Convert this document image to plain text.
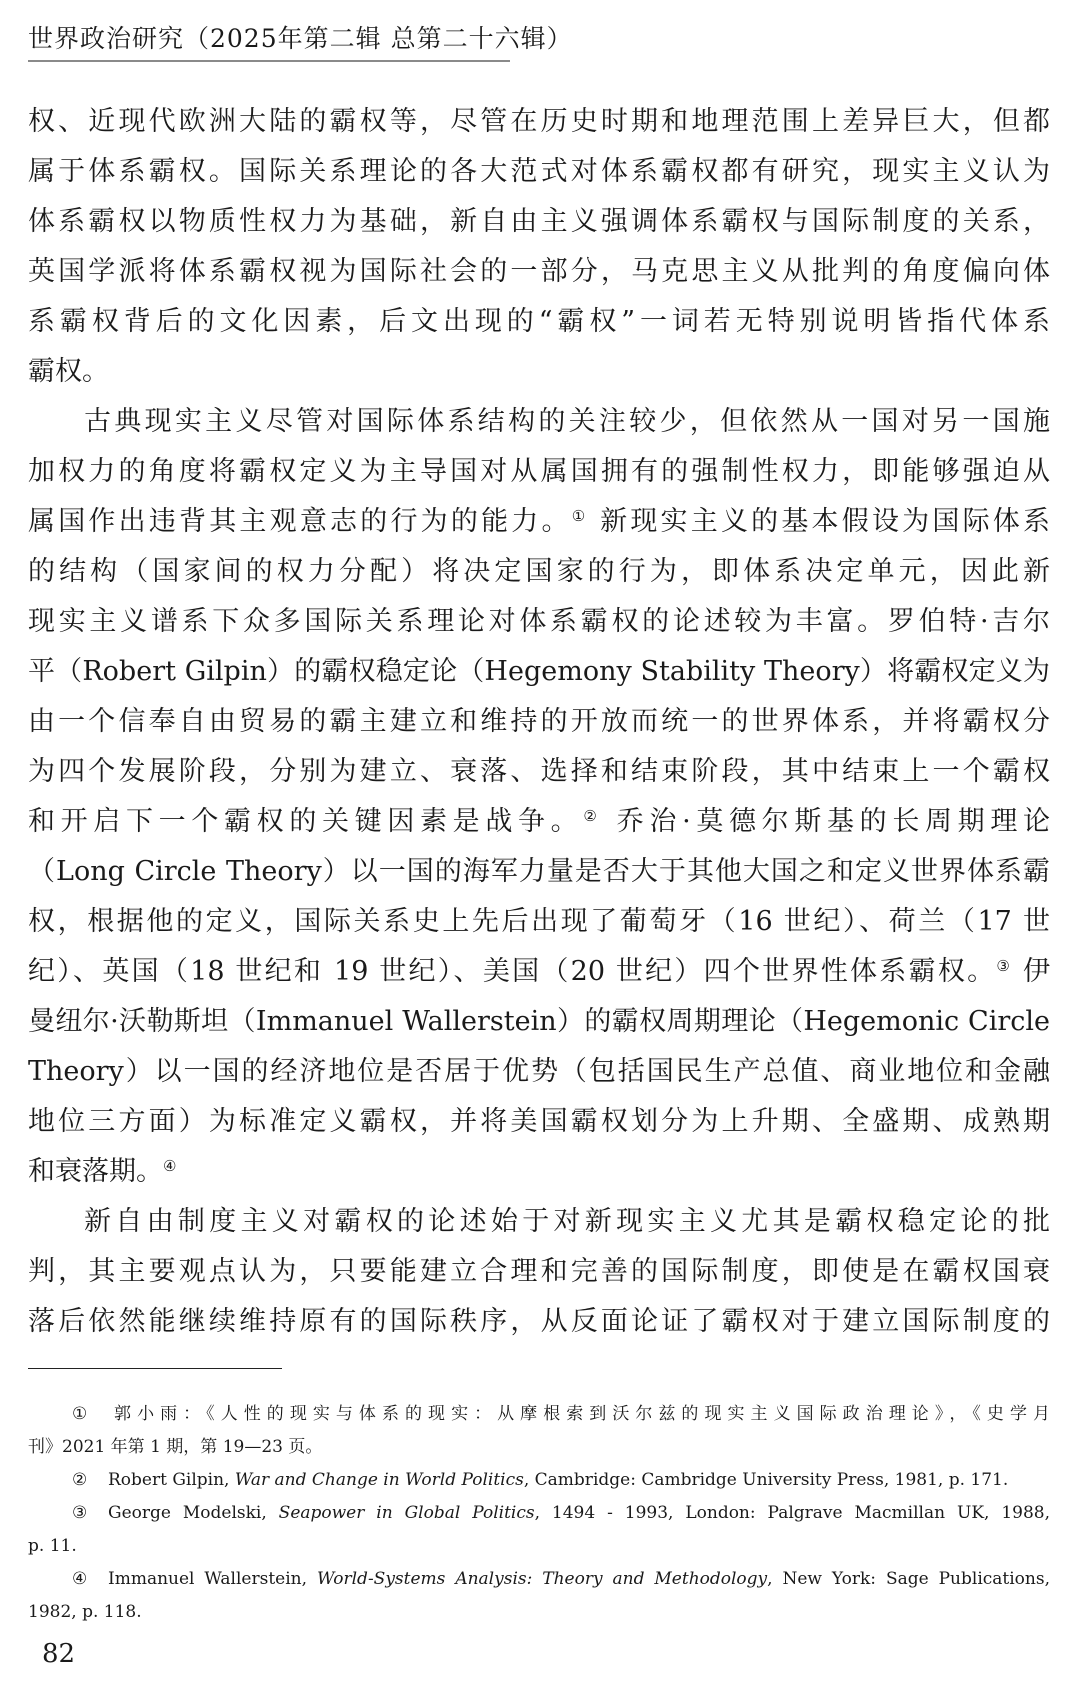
世界政治研究（2025年第二辑 总第二十六辑）
权、近现代欧洲大陆的霸权等，尽管在历史时期和地理范围上差异巨大，但都
属于体系霸权。国际关系理论的各大范式对体系霸权都有研究，现实主义认为
体系霸权以物质性权力为基础，新自由主义强调体系霸权与国际制度的关系，
英国学派将体系霸权视为国际社会的一部分，马克思主义从批判的角度偏向体
系霸权背后的文化因素，后文出现的“霸权”一词若无特别说明皆指代体系
霸权。
古典现实主义尽管对国际体系结构的关注较少，但依然从一国对另一国施
加权力的角度将霸权定义为主导国对从属国拥有的强制性权力，即能够强迫从
属国作出违背其主观意志的行为的能力。① 新现实主义的基本假设为国际体系
的结构（国家间的权力分配）将决定国家的行为，即体系决定单元，因此新
现实主义谱系下众多国际关系理论对体系霸权的论述较为丰富。罗伯特·吉尔
平（Robert Gilpin）的霸权稳定论（Hegemony Stability Theory）将霸权定义为
由一个信奉自由贸易的霸主建立和维持的开放而统一的世界体系，并将霸权分
为四个发展阶段，分别为建立、衰落、选择和结束阶段，其中结束上一个霸权
和开启下一个霸权的关键因素是战争。② 乔治·莫德尔斯基的长周期理论
（Long Circle Theory）以一国的海军力量是否大于其他大国之和定义世界体系霸
权，根据他的定义，国际关系史上先后出现了葡萄牙（16 世纪）、荷兰（17 世
纪）、英国（18 世纪和 19 世纪）、美国（20 世纪）四个世界性体系霸权。③ 伊
曼纽尔·沃勒斯坦（Immanuel Wallerstein）的霸权周期理论（Hegemonic Circle
Theory）以一国的经济地位是否居于优势（包括国民生产总值、商业地位和金融
地位三方面）为标准定义霸权，并将美国霸权划分为上升期、全盛期、成熟期
和衰落期。④
新自由制度主义对霸权的论述始于对新现实主义尤其是霸权稳定论的批
判，其主要观点认为，只要能建立合理和完善的国际制度，即使是在霸权国衰
落后依然能继续维持原有的国际秩序，从反面论证了霸权对于建立国际制度的
① 郭小雨：《人性的现实与体系的现实：从摩根索到沃尔兹的现实主义国际政治理论》，《史学月
刊》2021 年第 1 期，第 19—23 页。
② Robert Gilpin, War and Change in World Politics, Cambridge: Cambridge University Press, 1981, p. 171.
③ George Modelski, Seapower in Global Politics, 1494 - 1993, London: Palgrave Macmillan UK, 1988,
p. 11.
④ Immanuel Wallerstein, World-Systems Analysis: Theory and Methodology, New York: Sage Publications,
1982, p. 118.
82
